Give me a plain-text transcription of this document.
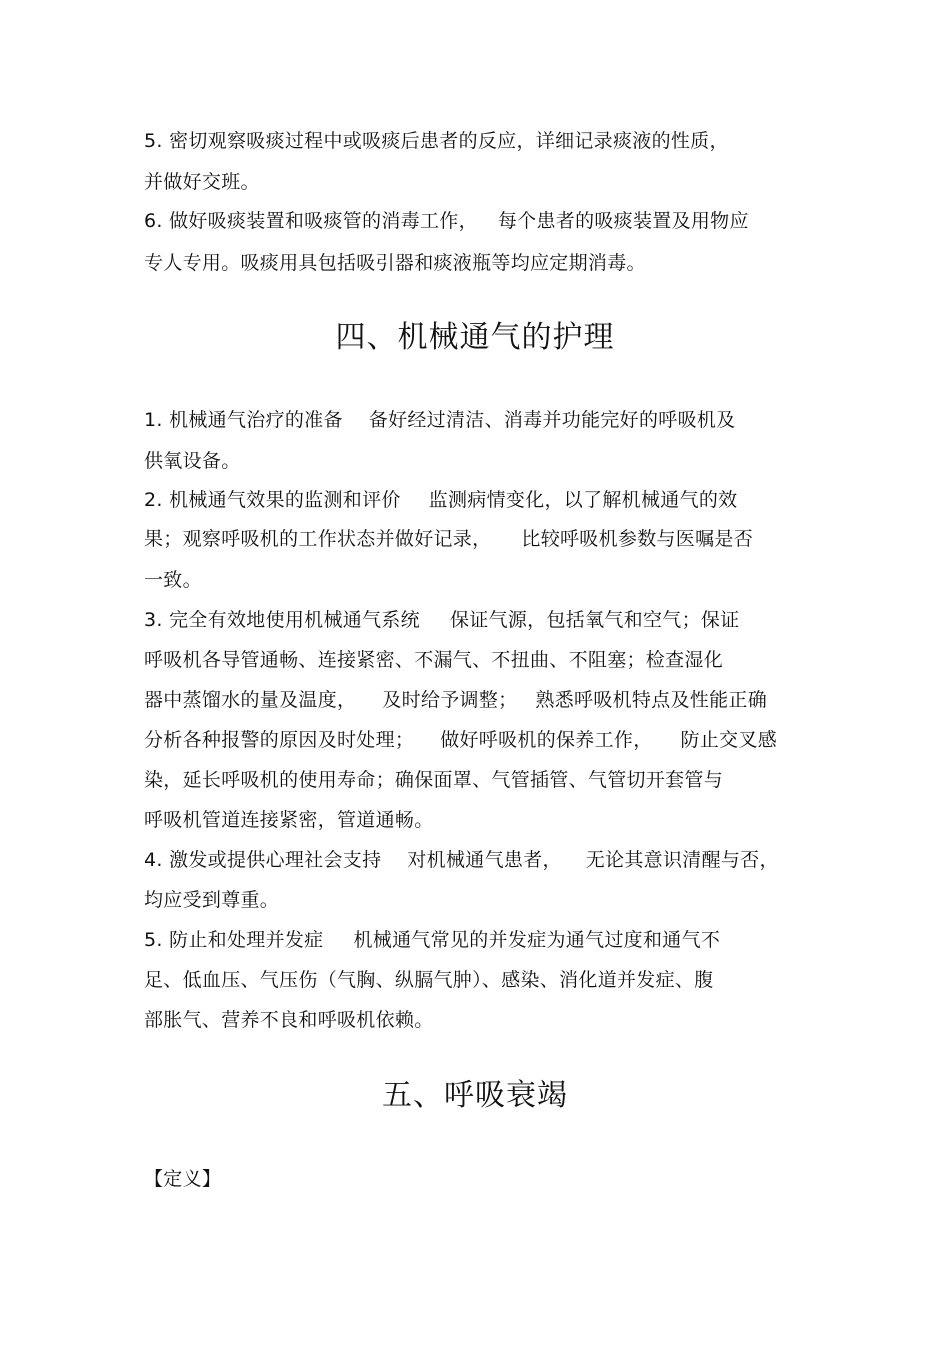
5. 密切观察吸痰过程中或吸痰后患者的反应，详细记录痰液的性质，
并做好交班。
6. 做好吸痰装置和吸痰管的消毒工作， 每个患者的吸痰装置及用物应
专人专用。吸痰用具包括吸引器和痰液瓶等均应定期消毒。
四、机械通气的护理
1. 机械通气治疗的准备 备好经过清洁、消毒并功能完好的呼吸机及
供氧设备。
2. 机械通气效果的监测和评价 监测病情变化，以了解机械通气的效
果；观察呼吸机的工作状态并做好记录， 比较呼吸机参数与医嘱是否
一致。
3. 完全有效地使用机械通气系统 保证气源，包括氧气和空气；保证
呼吸机各导管通畅、连接紧密、不漏气、不扭曲、不阻塞；检查湿化
器中蒸馏水的量及温度， 及时给予调整； 熟悉呼吸机特点及性能正确
分析各种报警的原因及时处理； 做好呼吸机的保养工作， 防止交叉感
染，延长呼吸机的使用寿命；确保面罩、气管插管、气管切开套管与
呼吸机管道连接紧密，管道通畅。
4. 激发或提供心理社会支持 对机械通气患者， 无论其意识清醒与否，
均应受到尊重。
5. 防止和处理并发症 机械通气常见的并发症为通气过度和通气不
足、低血压、气压伤（气胸、纵膈气肿）、感染、消化道并发症、腹
部胀气、营养不良和呼吸机依赖。
五、呼吸衰竭
【定义】
